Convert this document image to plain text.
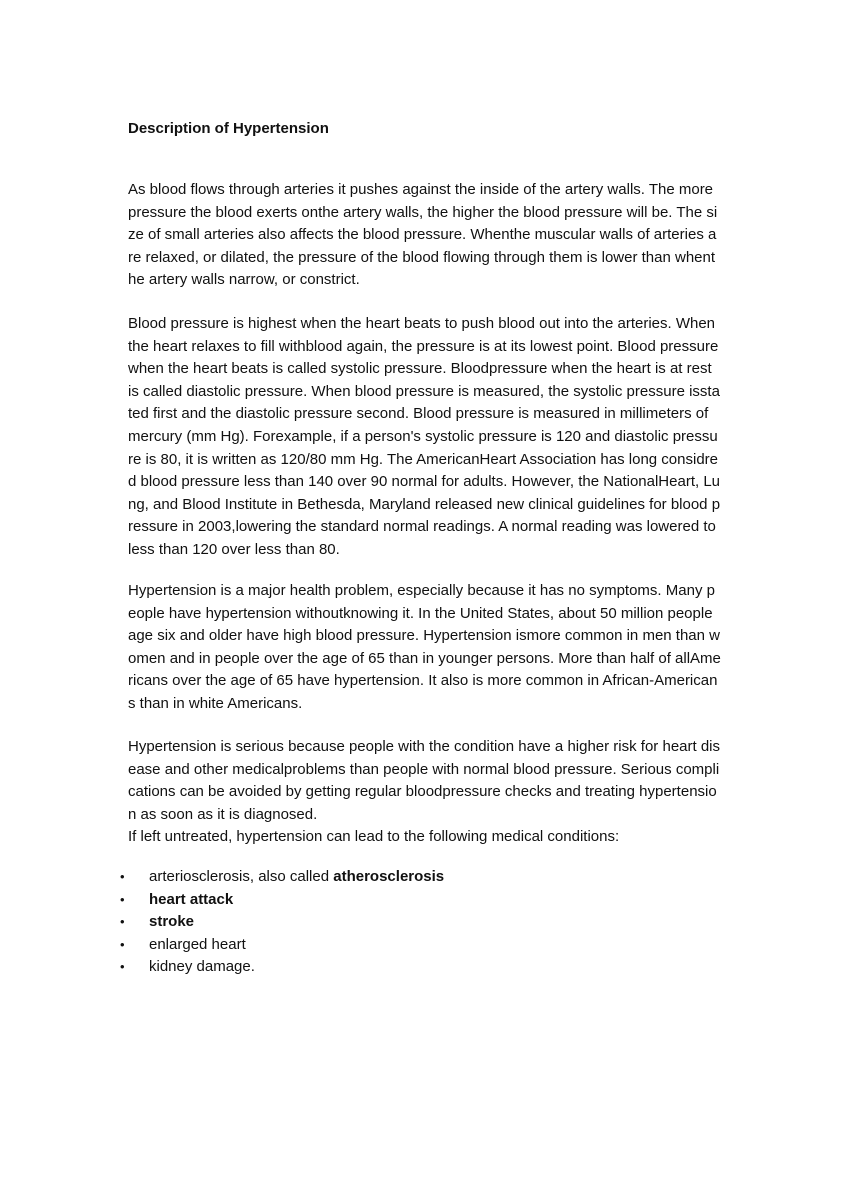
Description of Hypertension
As blood flows through arteries it pushes against the inside of the artery walls. The more
pressure the blood exerts onthe artery walls, the higher the blood pressure will be. The si
ze of small arteries also affects the blood pressure. Whenthe muscular walls of arteries a
re relaxed, or dilated, the pressure of the blood flowing through them is lower than whent
he artery walls narrow, or constrict.
Blood pressure is highest when the heart beats to push blood out into the arteries. When
the heart relaxes to fill withblood again, the pressure is at its lowest point. Blood pressure
when the heart beats is called systolic pressure. Bloodpressure when the heart is at rest
is called diastolic pressure. When blood pressure is measured, the systolic pressure issta
ted first and the diastolic pressure second. Blood pressure is measured in millimeters of
mercury (mm Hg). Forexample, if a person's systolic pressure is 120 and diastolic pressu
re is 80, it is written as 120/80 mm Hg. The AmericanHeart Association has long considre
d blood pressure less than 140 over 90 normal for adults. However, the NationalHeart, Lu
ng, and Blood Institute in Bethesda, Maryland released new clinical guidelines for blood p
ressure in 2003,lowering the standard normal readings. A normal reading was lowered to
less than 120 over less than 80.
Hypertension is a major health problem, especially because it has no symptoms. Many p
eople have hypertension withoutknowing it. In the United States, about 50 million people
age six and older have high blood pressure. Hypertension ismore common in men than w
omen and in people over the age of 65 than in younger persons. More than half of allAme
ricans over the age of 65 have hypertension. It also is more common in African-American
s than in white Americans.
Hypertension is serious because people with the condition have a higher risk for heart dis
ease and other medicalproblems than people with normal blood pressure. Serious compli
cations can be avoided by getting regular bloodpressure checks and treating hypertensio
n as soon as it is diagnosed.
If left untreated, hypertension can lead to the following medical conditions:
• arteriosclerosis, also called atherosclerosis
• heart attack
• stroke
• enlarged heart
• kidney damage.
